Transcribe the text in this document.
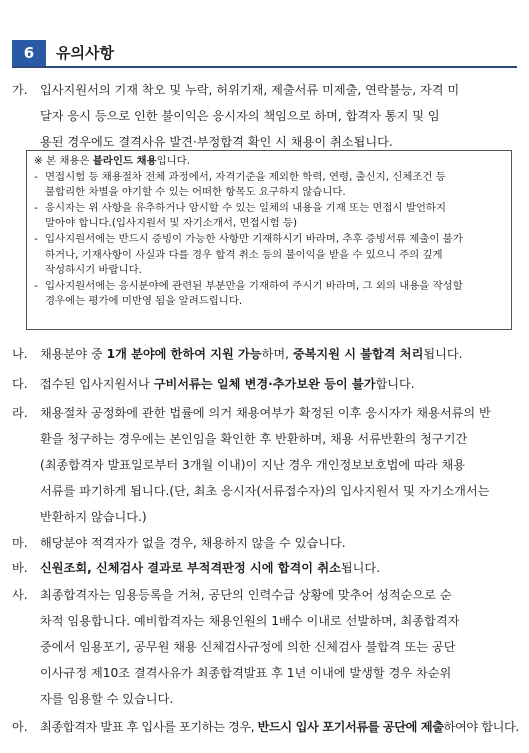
6	유의사항
가. 입사지원서의 기재 착오 및 누락, 허위기재, 제출서류 미제출, 연락불능, 자격 미
달자 응시 등으로 인한 불이익은 응시자의 책임으로 하며, 합격자 통지 및 임
용된 경우에도 결격사유 발견·부정합격 확인 시 채용이 취소됩니다.
※ 본 채용은 블라인드 채용입니다.
- 면접시험 등 채용절차 전체 과정에서, 자격기준을 제외한 학력, 연령, 출신지, 신체조건 등
불합리한 차별을 야기할 수 있는 어떠한 항목도 요구하지 않습니다.
- 응시자는 위 사항을 유추하거나 암시할 수 있는 일체의 내용을 기재 또는 면접시 발언하지
말아야 합니다.(입사지원서 및 자기소개서, 면접시험 등)
- 입사지원서에는 반드시 증빙이 가능한 사항만 기재하시기 바라며, 추후 증빙서류 제출이 불가
하거나, 기재사항이 사실과 다를 경우 합격 취소 등의 불이익을 받을 수 있으니 주의 깊게
작성하시기 바랍니다.
- 입사지원서에는 응시분야에 관련된 부분만을 기재하여 주시기 바라며, 그 외의 내용을 작성할
경우에는 평가에 미반영 됨을 알려드립니다.
나. 채용분야 중 1개 분야에 한하여 지원 가능하며, 중복지원 시 불합격 처리됩니다.
다. 접수된 입사지원서나 구비서류는 일체 변경·추가보완 등이 불가합니다.
라. 채용절차 공정화에 관한 법률에 의거 채용여부가 확정된 이후 응시자가 채용서류의 반
환을 청구하는 경우에는 본인임을 확인한 후 반환하며, 채용 서류반환의 청구기간
(최종합격자 발표일로부터 3개월 이내)이 지난 경우 개인정보보호법에 따라 채용
서류를 파기하게 됩니다.(단, 최초 응시자(서류접수자)의 입사지원서 및 자기소개서는
반환하지 않습니다.)
마. 해당분야 적격자가 없을 경우, 채용하지 않을 수 있습니다.
바. 신원조회, 신체검사 결과로 부적격판정 시에 합격이 취소됩니다.
사. 최종합격자는 임용등록을 거쳐, 공단의 인력수급 상황에 맞추어 성적순으로 순
차적 임용합니다. 예비합격자는 채용인원의 1배수 이내로 선발하며, 최종합격자
중에서 임용포기, 공무원 채용 신체검사규정에 의한 신체검사 불합격 또는 공단
이사규정 제10조 결격사유가 최종합격발표 후 1년 이내에 발생할 경우 차순위
자를 임용할 수 있습니다.
아. 최종합격자 발표 후 입사를 포기하는 경우, 반드시 입사 포기서류를 공단에 제출하여야 합니다.
